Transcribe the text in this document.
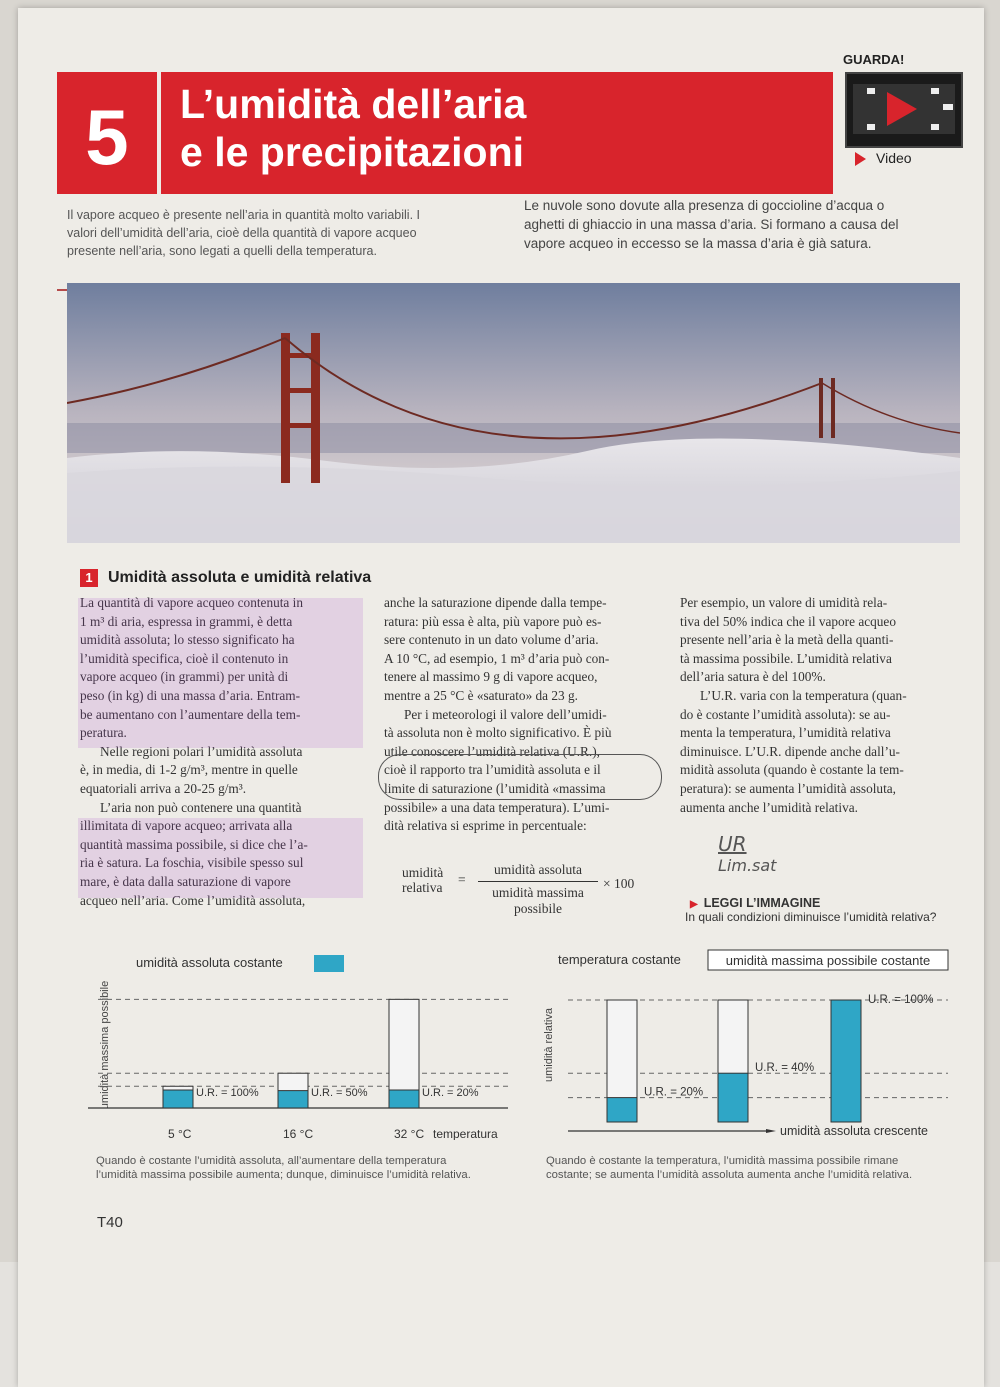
5	L’umidità dell’aria
e le precipitazioni
GUARDA!
Video
Il vapore acqueo è presente nell’aria in quantità molto variabili. I
valori dell’umidità dell’aria, cioè della quantità di vapore acqueo
presente nell’aria, sono legati a quelli della temperatura.
Le nuvole sono dovute alla presenza di goccioline d’acqua o
aghetti di ghiaccio in una massa d’aria. Si formano a causa del
vapore acqueo in eccesso se la massa d’aria è già satura.
1 Umidità assoluta e umidità relativa

La quantità di vapore acqueo contenuta in

1 m³ di aria, espressa in grammi, è detta

umidità assoluta; lo stesso significato ha

l’umidità specifica, cioè il contenuto in

vapore acqueo (in grammi) per unità di

peso (in kg) di una massa d’aria. Entram-

be aumentano con l’aumentare della tem-

peratura.

Nelle regioni polari l’umidità assoluta

è, in media, di 1-2 g/m³, mentre in quelle

equatoriali arriva a 20-25 g/m³.

L’aria non può contenere una quantità

illimitata di vapore acqueo; arrivata alla

quantità massima possibile, si dice che l’a-

ria è satura. La foschia, visibile spesso sul

mare, è data dalla saturazione di vapore

acqueo nell’aria. Come l’umidità assoluta,

anche la saturazione dipende dalla tempe-

ratura: più essa è alta, più vapore può es-

sere contenuto in un dato volume d’aria.

A 10 °C, ad esempio, 1 m³ d’aria può con-

tenere al massimo 9 g di vapore acqueo,

mentre a 25 °C è «saturato» da 23 g.

Per i meteorologi il valore dell’umidi-

tà assoluta non è molto significativo. È più

utile conoscere l’umidità relativa (U.R.),

cioè il rapporto tra l’umidità assoluta e il

limite di saturazione (l’umidità «massima

possibile» a una data temperatura). L’umi-

dità relativa si esprime in percentuale:

umidità
relativa
=
umidità assoluta
umidità massima
possibile
× 100

Per esempio, un valore di umidità rela-

tiva del 50% indica che il vapore acqueo

presente nell’aria è la metà della quanti-

tà massima possibile. L’umidità relativa

dell’aria satura è del 100%.

L’U.R. varia con la temperatura (quan-

do è costante l’umidità assoluta): se au-

menta la temperatura, l’umidità relativa

diminuisce. L’U.R. dipende anche dall’u-

midità assoluta (quando è costante la tem-

peratura): se aumenta l’umidità assoluta,

aumenta anche l’umidità relativa.

UR
Lim.sat
▶ LEGGI L’IMMAGINE
In quali condizioni diminuisce l’umidità relativa?
umidità assoluta costante
umidità massima possibile	U.R. = 100%
5 °C
U.R. = 50%
16 °C
U.R. = 20%
32 °C temperatura
temperatura costante	umidità massima possibile costante
umidità relativa
umidità assoluta crescente
U.R. = 20%
U.R. = 40%
U.R. = 100%
Quando è costante l’umidità assoluta, all’aumentare della temperatura
l’umidità massima possibile aumenta; dunque, diminuisce l’umidità relativa.
Quando è costante la temperatura, l’umidità massima possibile rimane
costante; se aumenta l’umidità assoluta aumenta anche l’umidità relativa.
T40
